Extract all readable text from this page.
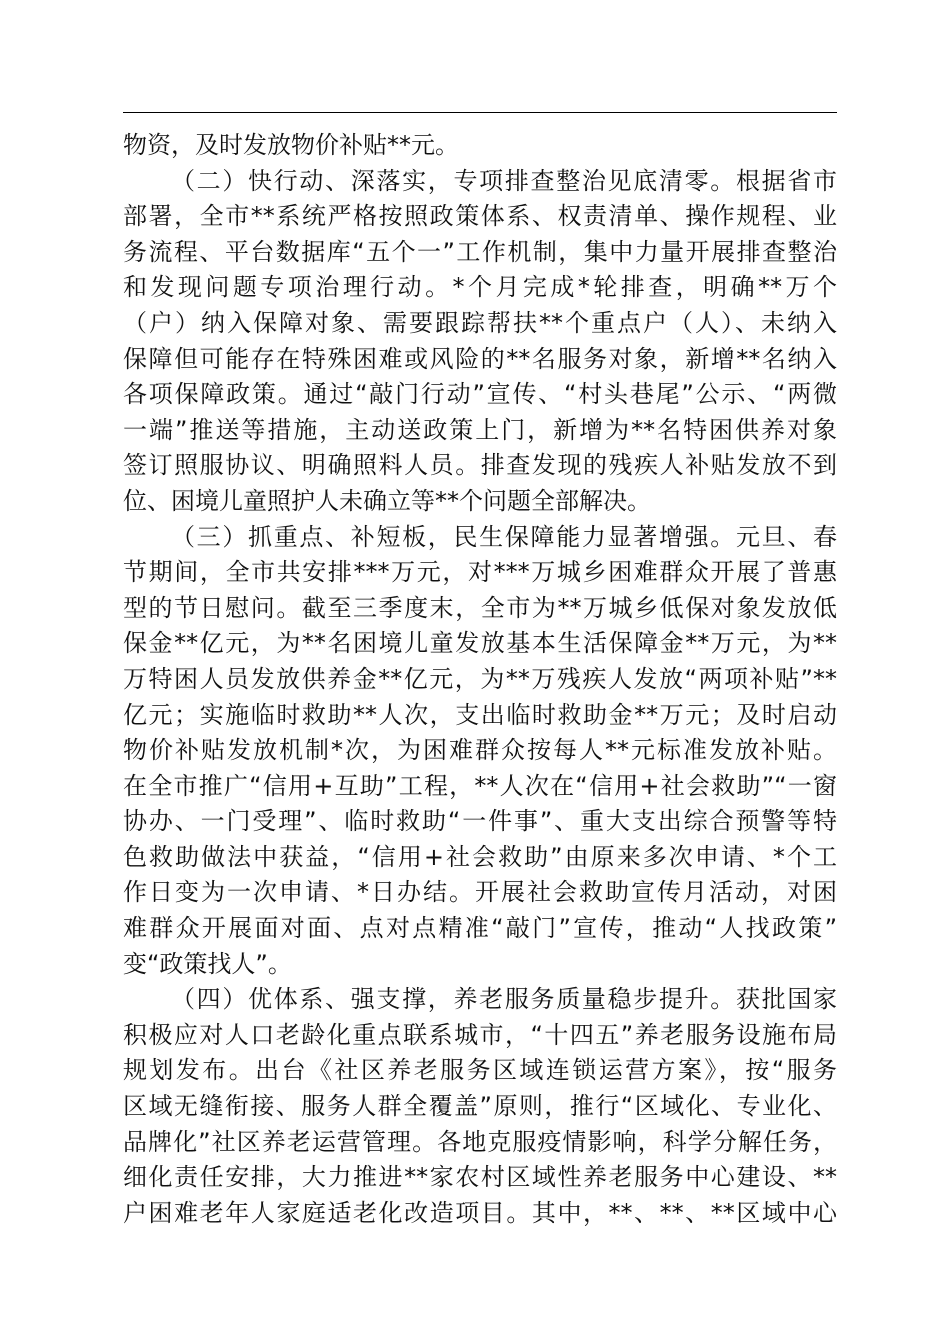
物资，及时发放物价补贴**元。
（二）快行动、深落实，专项排查整治见底清零。根据省市
部署，全市**系统严格按照政策体系、权责清单、操作规程、业
务流程、平台数据库“五个一”工作机制，集中力量开展排查整治
和发现问题专项治理行动。*个月完成*轮排查，明确**万个
（户）纳入保障对象、需要跟踪帮扶**个重点户（人）、未纳入
保障但可能存在特殊困难或风险的**名服务对象，新增**名纳入
各项保障政策。通过“敲门行动”宣传、“村头巷尾”公示、“两微
一端”推送等措施，主动送政策上门，新增为**名特困供养对象
签订照服协议、明确照料人员。排查发现的残疾人补贴发放不到
位、困境儿童照护人未确立等**个问题全部解决。
（三）抓重点、补短板，民生保障能力显著增强。元旦、春
节期间，全市共安排***万元，对***万城乡困难群众开展了普惠
型的节日慰问。截至三季度末，全市为**万城乡低保对象发放低
保金**亿元，为**名困境儿童发放基本生活保障金**万元，为**
万特困人员发放供养金**亿元，为**万残疾人发放“两项补贴”**
亿元；实施临时救助**人次，支出临时救助金**万元；及时启动
物价补贴发放机制*次，为困难群众按每人**元标准发放补贴。
在全市推广“信用+互助”工程，**人次在“信用+社会救助”“一窗
协办、一门受理”、临时救助“一件事”、重大支出综合预警等特
色救助做法中获益，“信用+社会救助”由原来多次申请、*个工
作日变为一次申请、*日办结。开展社会救助宣传月活动，对困
难群众开展面对面、点对点精准“敲门”宣传，推动“人找政策”
变“政策找人”。
（四）优体系、强支撑，养老服务质量稳步提升。获批国家
积极应对人口老龄化重点联系城市，“十四五”养老服务设施布局
规划发布。出台《社区养老服务区域连锁运营方案》，按“服务
区域无缝衔接、服务人群全覆盖”原则，推行“区域化、专业化、
品牌化”社区养老运营管理。各地克服疫情影响，科学分解任务，
细化责任安排，大力推进**家农村区域性养老服务中心建设、**
户困难老年人家庭适老化改造项目。其中，**、**、**区域中心
